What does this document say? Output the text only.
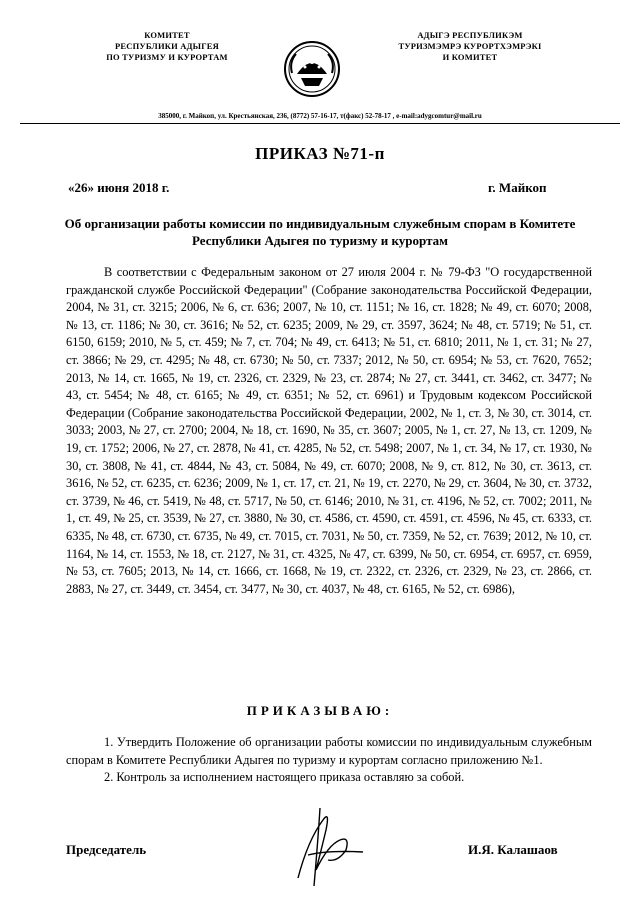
КОМИТЕТ
РЕСПУБЛИКИ АДЫГЕЯ
ПО ТУРИЗМУ И КУРОРТАМ
АДЫГЭ РЕСПУБЛИКЭМ
ТУРИЗМЭМРЭ КУРОРТХЭМРЭКІ
И КОМИТЕТ
385000, г. Майкоп, ул. Крестьянская, 236, (8772) 57-16-17, т(факс) 52-78-17 , e-mail:adygcomtur@mail.ru
ПРИКАЗ №71-п
«26» июня 2018 г.	г. Майкоп
Об организации работы комиссии по индивидуальным служебным спорам в Комитете Республики Адыгея по туризму и курортам
В соответствии с Федеральным законом от 27 июля 2004 г. № 79-ФЗ "О государственной гражданской службе Российской Федерации" (Собрание законодательства Российской Федерации, 2004, № 31, ст. 3215; 2006, № 6, ст. 636; 2007, № 10, ст. 1151; № 16, ст. 1828; № 49, ст. 6070; 2008, № 13, ст. 1186; № 30, ст. 3616; № 52, ст. 6235; 2009, № 29, ст. 3597, 3624; № 48, ст. 5719; № 51, ст. 6150, 6159; 2010, № 5, ст. 459; № 7, ст. 704; № 49, ст. 6413; № 51, ст. 6810; 2011, № 1, ст. 31; № 27, ст. 3866; № 29, ст. 4295; № 48, ст. 6730; № 50, ст. 7337; 2012, № 50, ст. 6954; № 53, ст. 7620, 7652; 2013, № 14, ст. 1665, № 19, ст. 2326, ст. 2329, № 23, ст. 2874; № 27, ст. 3441, ст. 3462, ст. 3477; № 43, ст. 5454; № 48, ст. 6165; № 49, ст. 6351; № 52, ст. 6961) и Трудовым кодексом Российской Федерации (Собрание законодательства Российской Федерации, 2002, № 1, ст. 3, № 30, ст. 3014, ст. 3033; 2003, № 27, ст. 2700; 2004, № 18, ст. 1690, № 35, ст. 3607; 2005, № 1, ст. 27, № 13, ст. 1209, № 19, ст. 1752; 2006, № 27, ст. 2878, № 41, ст. 4285, № 52, ст. 5498; 2007, № 1, ст. 34, № 17, ст. 1930, № 30, ст. 3808, № 41, ст. 4844, № 43, ст. 5084, № 49, ст. 6070; 2008, № 9, ст. 812, № 30, ст. 3613, ст. 3616, № 52, ст. 6235, ст. 6236; 2009, № 1, ст. 17, ст. 21, № 19, ст. 2270, № 29, ст. 3604, № 30, ст. 3732, ст. 3739, № 46, ст. 5419, № 48, ст. 5717, № 50, ст. 6146; 2010, № 31, ст. 4196, № 52, ст. 7002; 2011, № 1, ст. 49, № 25, ст. 3539, № 27, ст. 3880, № 30, ст. 4586, ст. 4590, ст. 4591, ст. 4596, № 45, ст. 6333, ст. 6335, № 48, ст. 6730, ст. 6735, № 49, ст. 7015, ст. 7031, № 50, ст. 7359, № 52, ст. 7639; 2012, № 10, ст. 1164, № 14, ст. 1553, № 18, ст. 2127, № 31, ст. 4325, № 47, ст. 6399, № 50, ст. 6954, ст. 6957, ст. 6959, № 53, ст. 7605; 2013, № 14, ст. 1666, ст. 1668, № 19, ст. 2322, ст. 2326, ст. 2329, № 23, ст. 2866, ст. 2883, № 27, ст. 3449, ст. 3454, ст. 3477, № 30, ст. 4037, № 48, ст. 6165, № 52, ст. 6986),
ПРИКАЗЫВАЮ:

1. Утвердить Положение об организации работы комиссии по индивидуальным служебным спорам в Комитете Республики Адыгея по туризму и курортам согласно приложению №1.

2. Контроль за исполнением настоящего приказа оставляю за собой.

Председатель	И.Я. Калашаов
